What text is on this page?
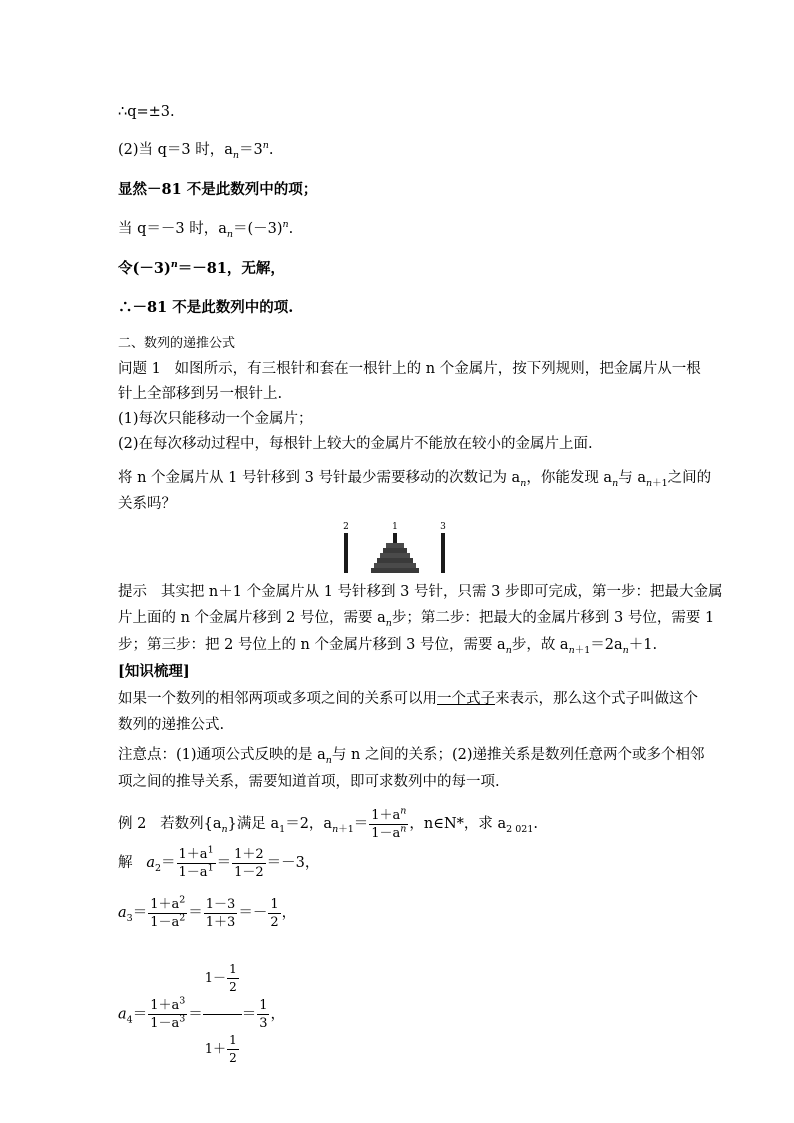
∴q=±3.
(2)当 q＝3 时，$a_n=3^n$.
显然－81 不是此数列中的项；
当 q＝－3 时，$a_n=(-3)^n$.
令$(-3)^n=-81$，无解，
∴－81 不是此数列中的项.
二、数列的递推公式
问题 1 如图所示，有三根针和套在一根针上的 n 个金属片，按下列规则，把金属片从一根
针上全部移到另一根针上.
(1)每次只能移动一个金属片；
(2)在每次移动过程中，每根针上较大的金属片不能放在较小的金属片上面.
将 n 个金属片从 1 号针移到 3 号针最少需要移动的次数记为 $a_n$，你能发现 $a_n$与 $a_{n+1}$之间的
关系吗？
2	1	3
提示 其实把 n＋1 个金属片从 1 号针移到 3 号针，只需 3 步即可完成，第一步：把最大金属
片上面的 n 个金属片移到 2 号位，需要 $a_n$步；第二步：把最大的金属片移到 3 号位，需要 1
步；第三步：把 2 号位上的 n 个金属片移到 3 号位，需要 $a_n$步，故 $a_{n+1}=2a_n+1$.
[知识梳理]
如果一个数列的相邻两项或多项之间的关系可以用一个式子来表示，那么这个式子叫做这个
数列的递推公式.
注意点：(1)通项公式反映的是 $a_n$与 n 之间的关系；(2)递推关系是数列任意两个或多个相邻
项之间的推导关系，需要知道首项，即可求数列中的每一项.
例 2 若数列$\{a_n\}$满足 $a_1=2$，$a_{n+1}= \frac{1+a^n}{1-a^n}$ ，n∈N*，求 $a_{2 021}$.
解 $a_2= \frac{1+a^1}{1-a^1} = \frac{1+2}{1-2} =-3$，
$a_3= \frac{1+a^2}{1-a^2} = \frac{1-3}{1+3} =- \frac{1}{2}$ ，
$a_4= \frac{1+a^3}{1-a^3} = \frac{1- \frac{1}{2}}{1+ \frac{1}{2}} = \frac{1}{3}$ ，
